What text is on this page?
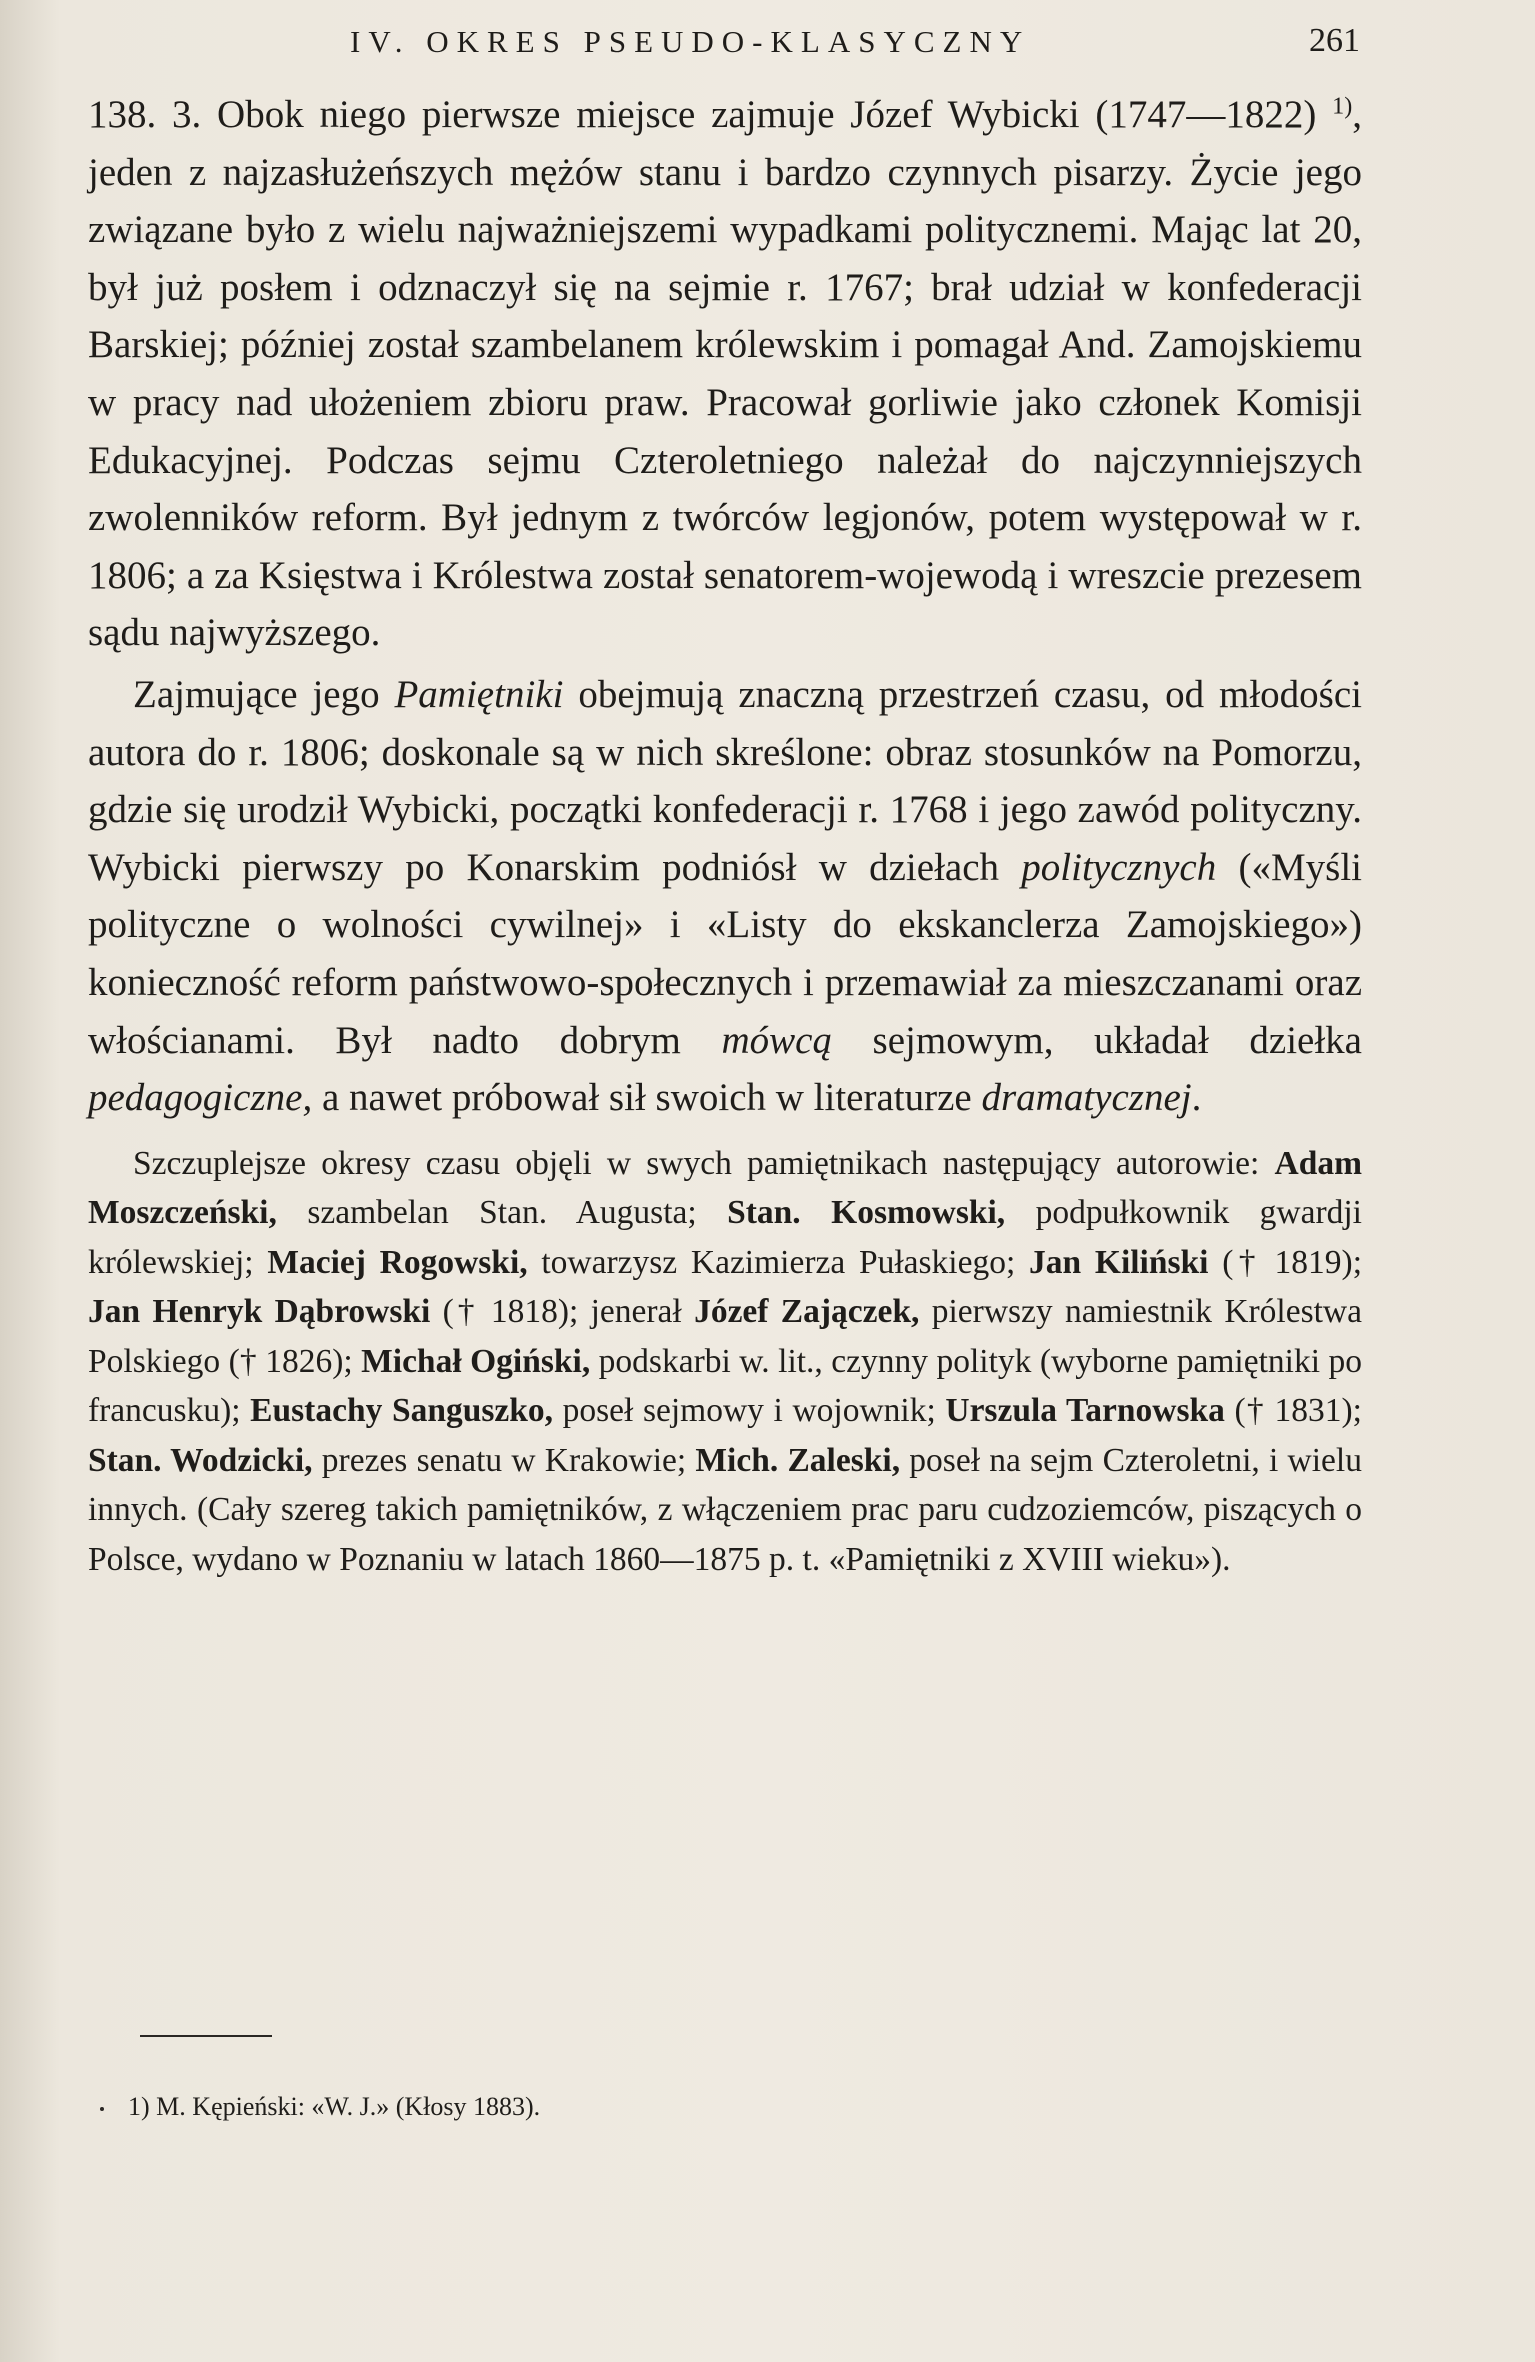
IV. OKRES PSEUDO-KLASYCZNY	261

138. 3. Obok niego pierwsze miejsce zajmuje Józef Wybicki (1747—1822) $^{1)}$, jeden z najzasłużeńszych mężów stanu i bardzo czynnych pisarzy. Życie jego związane było z wielu najważniejszemi wypadkami politycznemi. Mając lat 20, był już posłem i odznaczył się na sejmie r. 1767; brał udział w konfederacji Barskiej; później został szambelanem królewskim i pomagał And. Zamojskiemu w pracy nad ułożeniem zbioru praw. Pracował gorliwie jako członek Komisji Edukacyjnej. Podczas sejmu Czteroletniego należał do najczynniejszych zwolenników reform. Był jednym z twórców legjonów, potem występował w r. 1806; a za Księstwa i Królestwa został senatorem-wojewodą i wreszcie prezesem sądu najwyższego.

Zajmujące jego Pamiętniki obejmują znaczną przestrzeń czasu, od młodości autora do r. 1806; doskonale są w nich skreślone: obraz stosunków na Pomorzu, gdzie się urodził Wybicki, początki konfederacji r. 1768 i jego zawód polityczny. Wybicki pierwszy po Konarskim podniósł w dziełach politycznych («Myśli polityczne o wolności cywilnej» i «Listy do ekskanclerza Zamojskiego») konieczność reform państwowo-społecznych i przemawiał za mieszczanami oraz włościanami. Był nadto dobrym mówcą sejmowym, układał dziełka pedagogiczne, a nawet próbował sił swoich w literaturze dramatycznej.

Szczuplejsze okresy czasu objęli w swych pamiętnikach następujący autorowie: Adam Moszczeński, szambelan Stan. Augusta; Stan. Kosmowski, podpułkownik gwardji królewskiej; Maciej Rogowski, towarzysz Kazimierza Pułaskiego; Jan Kiliński († 1819); Jan Henryk Dąbrowski († 1818); jenerał Józef Zajączek, pierwszy namiestnik Królestwa Polskiego († 1826); Michał Ogiński, podskarbi w. lit., czynny polityk (wyborne pamiętniki po francusku); Eustachy Sanguszko, poseł sejmowy i wojownik; Urszula Tarnowska († 1831); Stan. Wodzicki, prezes senatu w Krakowie; Mich. Zaleski, poseł na sejm Czteroletni, i wielu innych. (Cały szereg takich pamiętników, z włączeniem prac paru cudzoziemców, piszących o Polsce, wydano w Poznaniu w latach 1860—1875 p. t. «Pamiętniki z XVIII wieku»).

1) M. Kępieński: «W. J.» (Kłosy 1883).
